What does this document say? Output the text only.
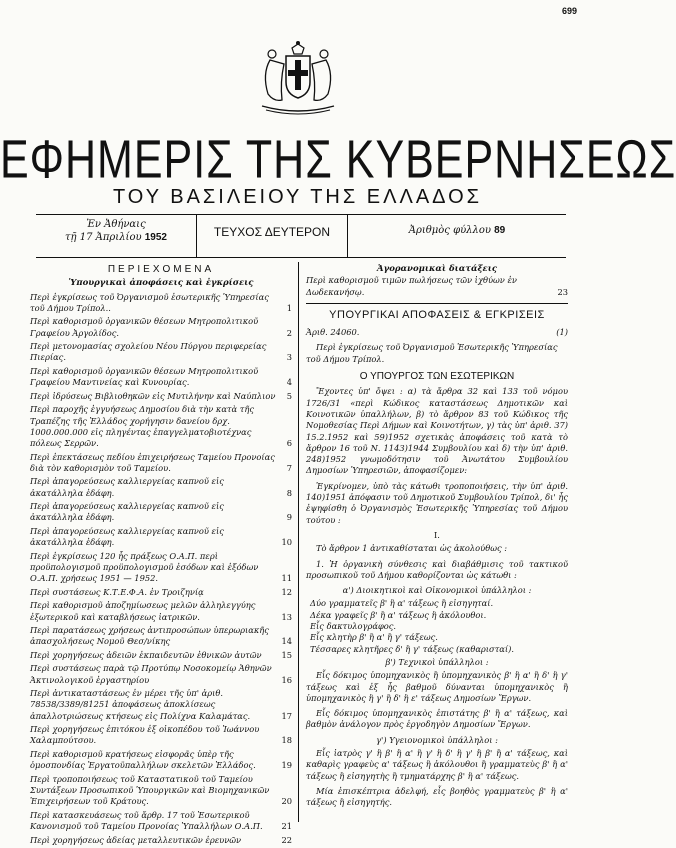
699
ΕΦΗΜΕΡΙΣ ΤΗΣ ΚΥΒΕΡΝΗΣΕΩΣ
ΤΟΥ ΒΑΣΙΛΕΙΟΥ ΤΗΣ ΕΛΛΑΔΟΣ
Ἐν Ἀθήναις
τῇ 17 Ἀπριλίου 1952	ΤΕΥΧΟΣ ΔΕΥΤΕΡΟΝ	Ἀριθμὸς φύλλου 89
ΠΕΡΙΕΧΟΜΕΝΑ
Ὑπουργικαὶ ἀποφάσεις καὶ ἐγκρίσεις
Περὶ ἐγκρίσεως τοῦ Ὀργανισμοῦ ἐσωτερικῆς Ὑπηρεσίας τοῦ Δήμου Τρίπολ..	1
Περὶ καθορισμοῦ ὀργανικῶν θέσεων Μητροπολιτικοῦ Γραφείου Ἀργολίδος.	2
Περὶ μετονομασίας σχολείου Νέου Πύργου περιφερείας Πιερίας.	3
Περὶ καθορισμοῦ ὀργανικῶν θέσεων Μητροπολιτικοῦ Γραφείου Μαντινείας καὶ Κυνουρίας.	4
Περὶ ἱδρύσεως Βιβλιοθηκῶν εἰς Μυτιλήνην καὶ Ναύπλιον	5
Περὶ παροχῆς ἐγγυήσεως Δημοσίου διὰ τὴν κατὰ τῆς Τραπέζης τῆς Ἑλλάδος χορήγησιν δανείου δρχ. 1000.000.000 εἰς πληγέντας ἐπαγγελματοβιοτέχνας πόλεως Σερρῶν.	6
Περὶ ἐπεκτάσεως πεδίου ἐπιχειρήσεως Ταμείου Προνοίας διὰ τὸν καθορισμὸν τοῦ Ταμείου.	7
Περὶ ἀπαγορεύσεως καλλιεργείας καπνοῦ εἰς ἀκατάλληλα ἐδάφη.	8
Περὶ ἀπαγορεύσεως καλλιεργείας καπνοῦ εἰς ἀκατάλληλα ἐδάφη.	9
Περὶ ἀπαγορεύσεως καλλιεργείας καπνοῦ εἰς ἀκατάλληλα ἐδάφη.	10
Περὶ ἐγκρίσεως 120 ἧς πράξεως Ο.Α.Π. περὶ προϋπολογισμοῦ προϋπολογισμοῦ ἐσόδων καὶ ἐξόδων Ο.Α.Π. χρήσεως 1951 — 1952.	11
Περὶ συστάσεως Κ.Τ.Ε.Φ.Α. ἐν Τροιζηνίᾳ	12
Περὶ καθορισμοῦ ἀποζημίωσεως μελῶν ἀλληλεγγύης ἐξωτερικοῦ καὶ καταβλήσεως ἰατρικῶν.	13
Περὶ παρατάσεως χρήσεως ἀντιπροσώπων ὑπερωριακῆς ἀπασχολήσεως Νομοῦ Θεσ/νίκης	14
Περὶ χορηγήσεως ἀδειῶν ἐκπαιδευτῶν ἐθνικῶν ἀυτῶν	15
Περὶ συστάσεως παρὰ τῷ Προτύπῳ Νοσοκομείῳ Ἀθηνῶν Ἀκτινολογικοῦ ἐργαστηρίου	16
Περὶ ἀντικαταστάσεως ἐν μέρει τῆς ὑπ' ἀριθ. 78538/3389/81251 ἀποφάσεως ἀποκλίσεως ἀπαλλοτριώσεως κτήσεως εἰς Πολίχνα Καλαμάτας.	17
Περὶ χορηγήσεως ἐπιτόκου ἐξ οἰκοπέδου τοῦ Ἰωάννου Χαλαμπούτσου.	18
Περὶ καθορισμοῦ κρατήσεως εἰσφορᾶς ὑπὲρ τῆς ὁμοσπονδίας Ἐργατοϋπαλλήλων σκελετῶν Ἑλλάδος.	19
Περὶ τροποποιήσεως τοῦ Καταστατικοῦ τοῦ Ταμείου Συντάξεων Προσωπικοῦ Ὑπουργικῶν καὶ Βιομηχανικῶν Ἐπιχειρήσεων τοῦ Κράτους.	20
Περὶ κατασκευάσεως τοῦ ἄρθρ. 17 τοῦ Ἐσωτερικοῦ Κανονισμοῦ τοῦ Ταμείου Προνοίας Ὑπαλλήλων Ο.Α.Π.	21
Περὶ χορηγήσεως ἀδείας μεταλλευτικῶν ἐρευνῶν	22
Ἀγορανομικαὶ διατάξεις
Περὶ καθορισμοῦ τιμῶν πωλήσεως τῶν ἰχθύων ἐν Δωδεκανήσῳ.	23
ΥΠΟΥΡΓΙΚΑΙ ΑΠΟΦΑΣΕΙΣ & ΕΓΚΡΙΣΕΙΣ
Ἀριθ. 24060.	(1)

Περὶ ἐγκρίσεως τοῦ Ὀργανισμοῦ Ἐσωτερικῆς Ὑπηρεσίας τοῦ Δήμου Τρίπολ.

Ο ΥΠΟΥΡΓΟΣ ΤΩΝ ΕΣΩΤΕΡΙΚΩΝ

Ἔχοντες ὑπ' ὄψει : α) τὰ ἄρθρα 32 καὶ 133 τοῦ νόμου 1726/31 «περὶ Κώδικος καταστάσεως Δημοτικῶν καὶ Κοινοτικῶν ὑπαλλήλων, β) τὸ ἄρθρον 83 τοῦ Κώδικος τῆς Νομοθεσίας Περὶ Δήμων καὶ Κοινοτήτων, γ) τὰς ὑπ' ἀριθ. 37) 15.2.1952 καὶ 59)1952 σχετικὰς ἀποφάσεις τοῦ κατὰ τὸ ἄρθρον 16 τοῦ Ν. 1143)1944 Συμβουλίου καὶ δ) τὴν ὑπ' ἀριθ. 248)1952 γνωμοδότησιν τοῦ Ἀνωτάτου Συμβουλίου Δημοσίων Ὑπηρεσιῶν, ἀποφασίζομεν:

Ἐγκρίνομεν, ὑπὸ τὰς κάτωθι τροποποιήσεις, τὴν ὑπ' ἀριθ. 140)1951 ἀπόφασιν τοῦ Δημοτικοῦ Συμβουλίου Τρίπολ, δι' ἧς ἐψηφίσθη ὁ Ὀργανισμὸς Ἐσωτερικῆς Ὑπηρεσίας τοῦ Δήμου τούτου :

I.

Τὸ ἄρθρον 1 ἀντικαθίσταται ὡς ἀκολούθως :

1. Ἡ ὀργανικὴ σύνθεσις καὶ διαβάθμισις τοῦ τακτικοῦ προσωπικοῦ τοῦ Δήμου καθορίζονται ὡς κάτωθι :

α') Διοικητικοὶ καὶ Οἰκονομικοὶ ὑπάλληλοι :
Δύο γραμματεῖς β' ἢ α' τάξεως ἢ εἰσηγηταί.
Δέκα γραφεῖς β' ἢ α' τάξεως ἢ ἀκόλουθοι.
Εἷς δακτυλογράφος.
Εἷς κλητὴρ β' ἢ α' ἢ γ' τάξεως.
Τέσσαρες κλητῆρες δ' ἢ γ' τάξεως (καθαρισταί).
β') Τεχνικοὶ ὑπάλληλοι :

Εἷς δόκιμος ὑπομηχανικὸς ἢ ὑπομηχανικὸς β' ἢ α' ἢ δ' ἢ γ' τάξεως καὶ ἐξ ἧς βαθμοῦ δύνανται ὑπομηχανικὸς ἢ ὑπομηχανικὸς ἢ γ' ἢ δ' ἢ ε' τάξεως Δημοσίων Ἔργων.

Εἷς δόκιμος ὑπομηχανικὸς ἐπιστάτης β' ἢ α' τάξεως, καὶ βαθμὸν ἀνάλογον πρὸς ἐργοδηγὸν Δημοσίων Ἔργων.

γ') Υγειονομικοὶ ὑπάλληλοι :

Εἷς ἰατρὸς γ' ἢ β' ἢ α' ἢ γ' ἢ δ' ἢ γ' ἢ β' ἢ α' τάξεως, καὶ καθαρὶς γραφεὺς α' τάξεως ἢ ἀκόλουθοι ἢ γραμματεὺς β' ἢ α' τάξεως ἢ εἰσηγητὴς ἢ τμηματάρχης β' ἢ α' τάξεως.

Μία ἐπισκέπτρια ἀδελφή, εἷς βοηθὸς γραμματεὺς β' ἢ α' τάξεως ἢ εἰσηγητής.
